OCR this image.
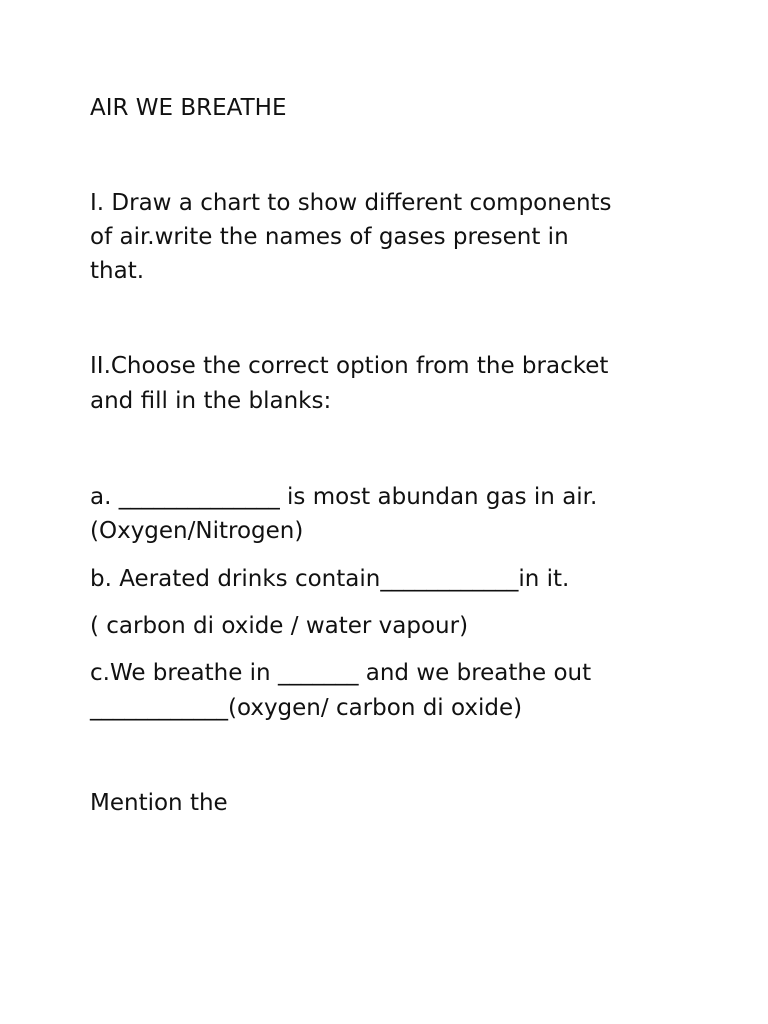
AIR WE BREATHE
I. Draw a chart to show different components
of air.write the names of gases present in
that.
II.Choose the correct option from the bracket
and fill in the blanks:
a. ______________ is most abundan gas in air.
(Oxygen/Nitrogen)
b. Aerated drinks contain____________in it.
( carbon di oxide / water vapour)
c.We breathe in _______ and we breathe out
____________(oxygen/ carbon di oxide)
Mention the
